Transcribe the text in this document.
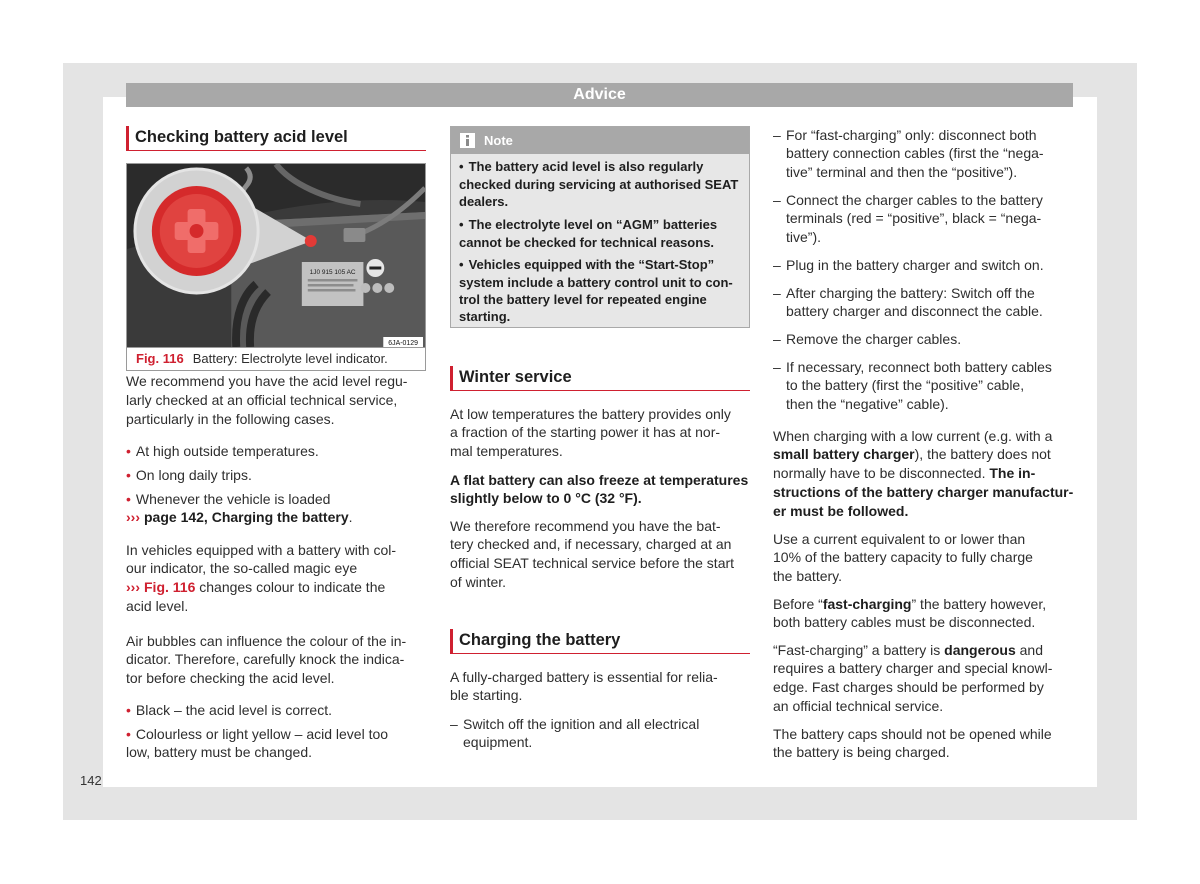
Advice
142
Checking battery acid level
1J0 915 105 AC
6JA-0129
Fig. 116 Battery: Electrolyte level indicator.
We recommend you have the acid level regu-
larly checked at an official technical service,
particularly in the following cases.
• At high outside temperatures.
• On long daily trips.
• Whenever the vehicle is loaded
››› page 142, Charging the battery.
In vehicles equipped with a battery with col-
our indicator, the so-called magic eye
››› Fig. 116 changes colour to indicate the
acid level.
Air bubbles can influence the colour of the in-
dicator. Therefore, carefully knock the indica-
tor before checking the acid level.
• Black – the acid level is correct.
• Colourless or light yellow – acid level too
low, battery must be changed.
Note
• The battery acid level is also regularly
checked during servicing at authorised SEAT
dealers.
• The electrolyte level on “AGM” batteries
cannot be checked for technical reasons.
• Vehicles equipped with the “Start-Stop”
system include a battery control unit to con-
trol the battery level for repeated engine
starting.
Winter service
At low temperatures the battery provides only
a fraction of the starting power it has at nor-
mal temperatures.
A flat battery can also freeze at temperatures
slightly below to 0 °C (32 °F).
We therefore recommend you have the bat-
tery checked and, if necessary, charged at an
official SEAT technical service before the start
of winter.
Charging the battery
A fully-charged battery is essential for relia-
ble starting.
– Switch off the ignition and all electrical
equipment.
– For “fast-charging” only: disconnect both
battery connection cables (first the “nega-
tive” terminal and then the “positive”).
– Connect the charger cables to the battery
terminals (red = “positive”, black = “nega-
tive”).
– Plug in the battery charger and switch on.
– After charging the battery: Switch off the
battery charger and disconnect the cable.
– Remove the charger cables.
– If necessary, reconnect both battery cables
to the battery (first the “positive” cable,
then the “negative” cable).
When charging with a low current (e.g. with a
small battery charger), the battery does not
normally have to be disconnected. The in-
structions of the battery charger manufactur-
er must be followed.
Use a current equivalent to or lower than
10% of the battery capacity to fully charge
the battery.
Before “fast-charging” the battery however,
both battery cables must be disconnected.
“Fast-charging” a battery is dangerous and
requires a battery charger and special knowl-
edge. Fast charges should be performed by
an official technical service.
The battery caps should not be opened while
the battery is being charged.
